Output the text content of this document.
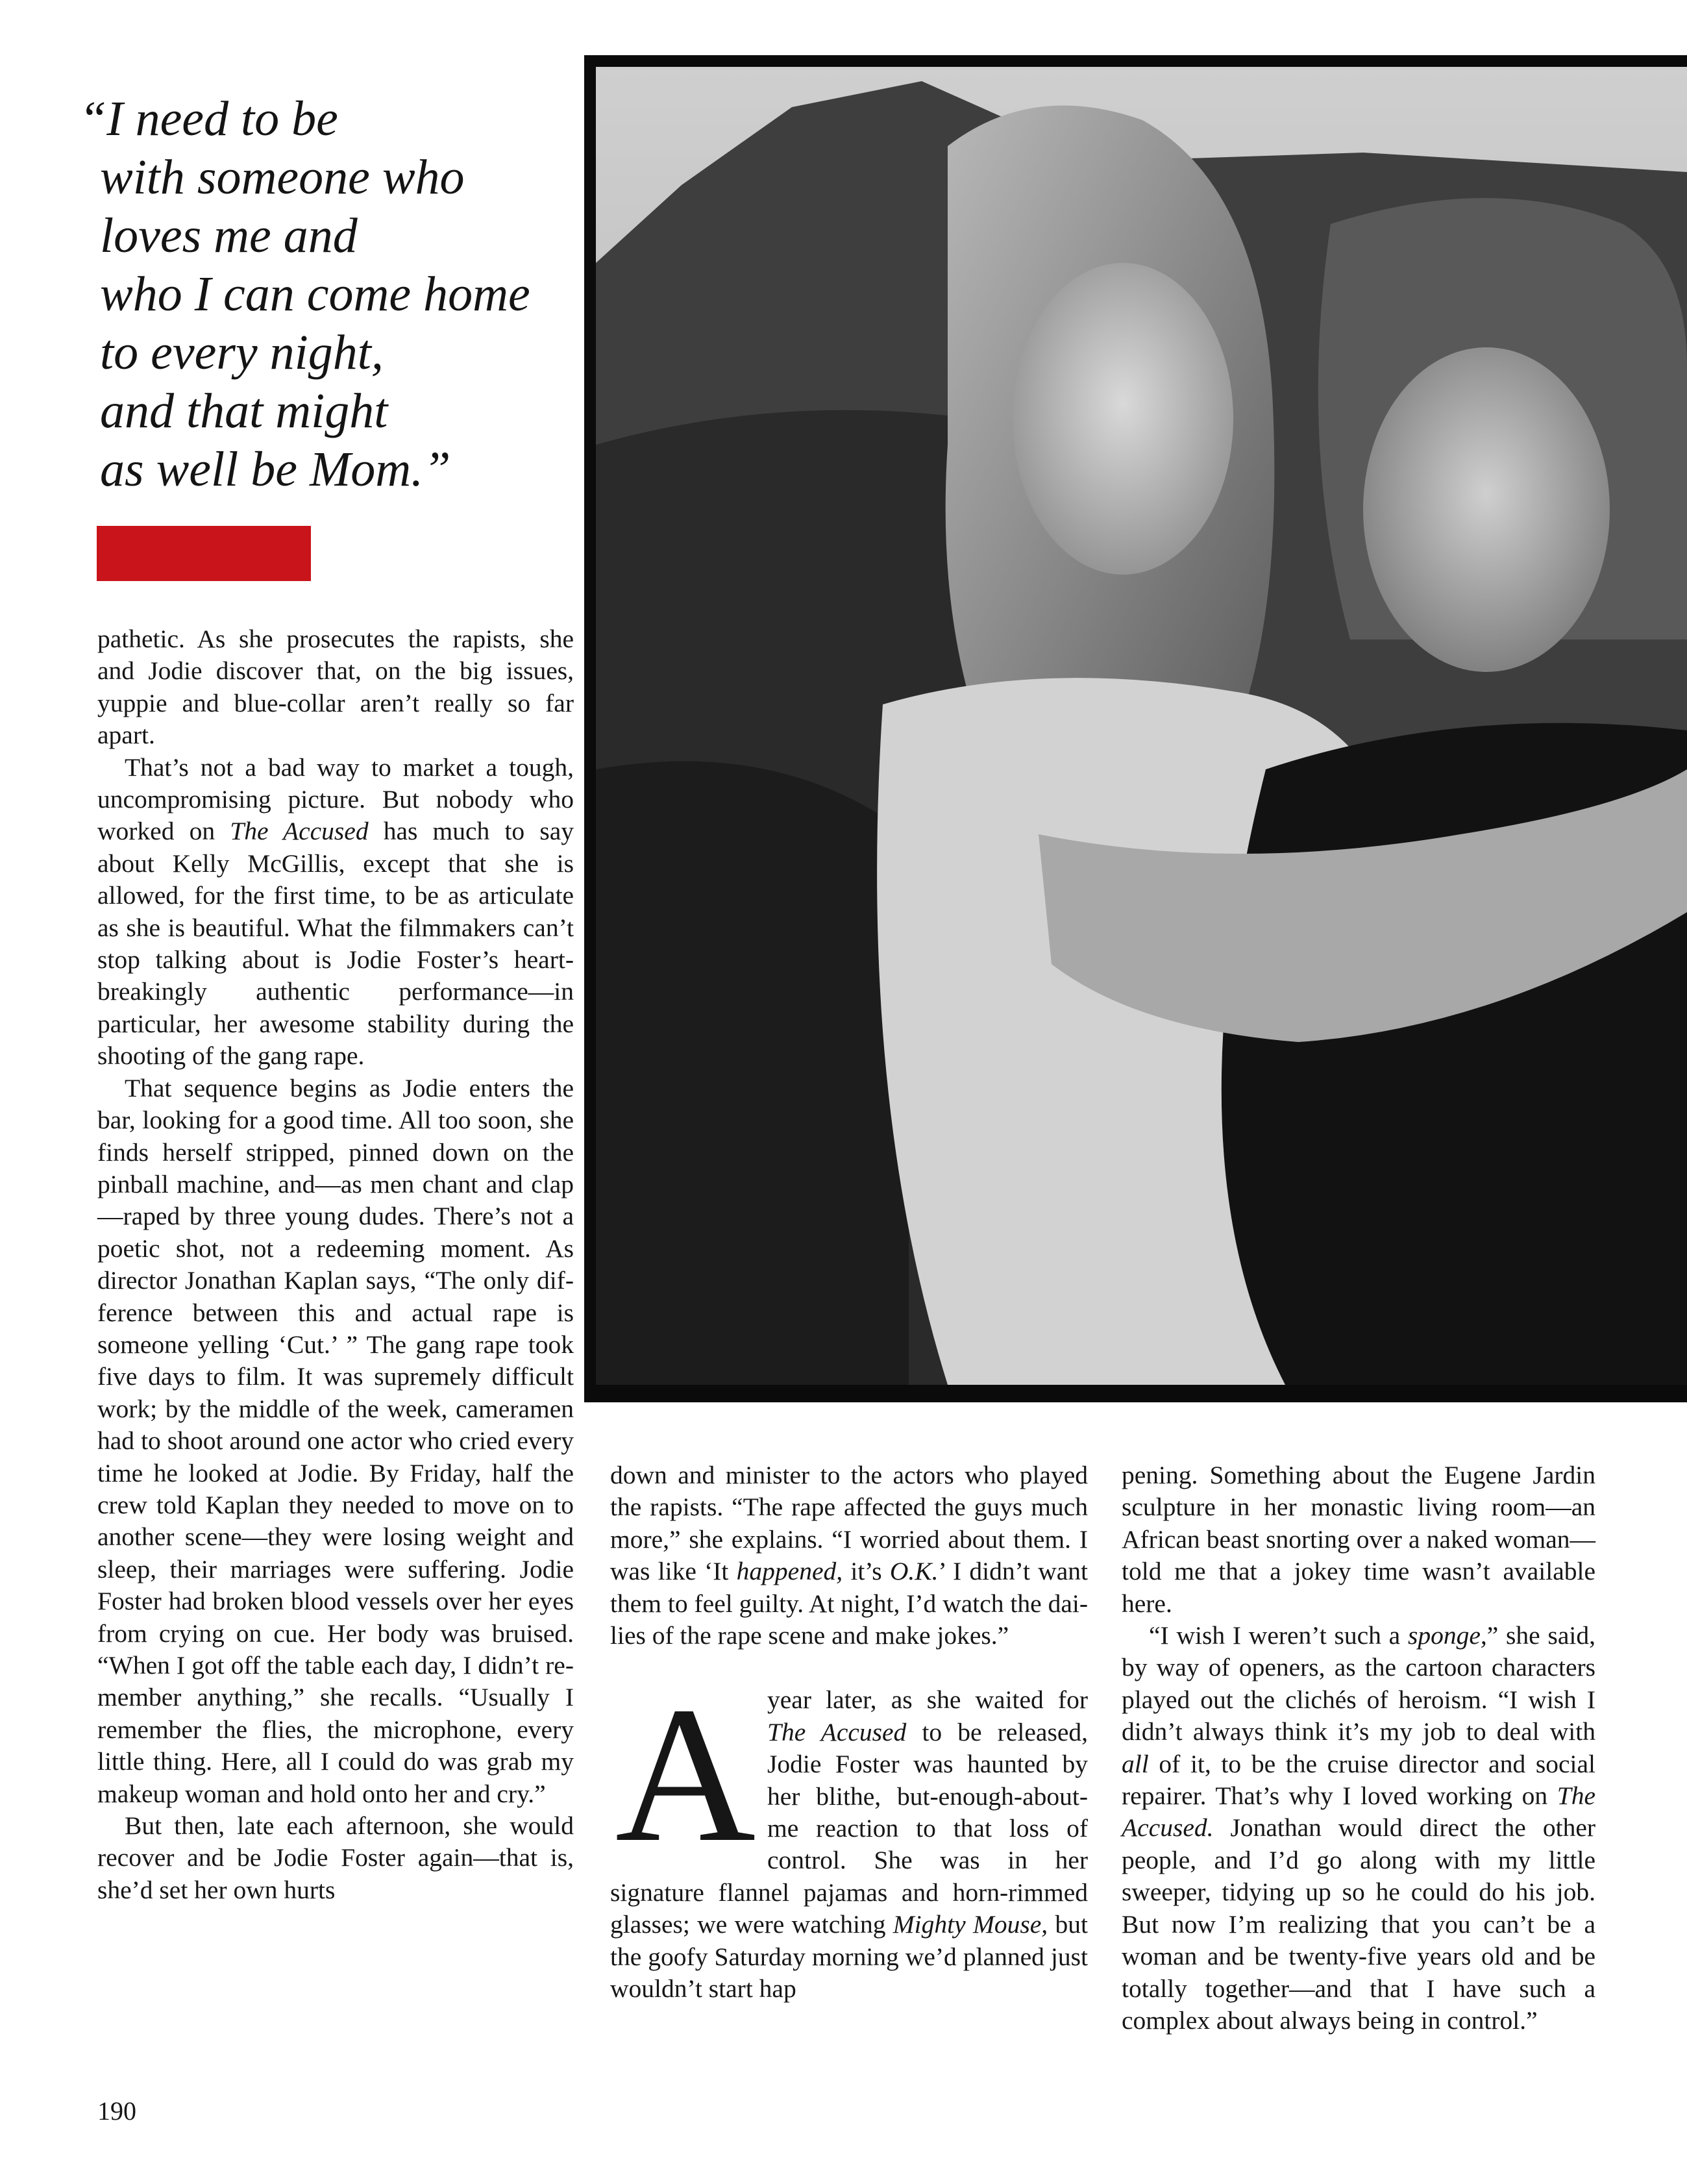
“I need to be
with someone who
loves me and
who I can come home
to every night,
and that might
as well be Mom.”

pathetic. As she prosecutes the rapists, she and Jodie discover that, on the big issues, yuppie and blue-collar aren’t really so far apart.

That’s not a bad way to market a tough, uncompromising picture. But nobody who worked on The Accused has much to say about Kelly McGillis, except that she is allowed, for the first time, to be as articulate as she is beautiful. What the filmmakers can’t stop talking about is Jodie Foster’s heartbreakingly authentic performance—in particular, her awesome stability during the shooting of the gang rape.

That sequence begins as Jodie enters the bar, looking for a good time. All too soon, she finds herself stripped, pinned down on the pinball machine, and—as men chant and clap—raped by three young dudes. There’s not a poetic shot, not a redeeming moment. As director Jonathan Kaplan says, “The only difference between this and actual rape is someone yelling ‘Cut.’ ” The gang rape took five days to film. It was supremely difficult work; by the middle of the week, cameramen had to shoot around one actor who cried every time he looked at Jodie. By Friday, half the crew told Kaplan they needed to move on to another scene—they were losing weight and sleep, their marriages were suffering. Jodie Foster had broken blood vessels over her eyes from crying on cue. Her body was bruised. “When I got off the table each day, I didn’t remember anything,” she recalls. “Usually I remember the flies, the microphone, every little thing. Here, all I could do was grab my makeup woman and hold onto her and cry.”

But then, late each afternoon, she would recover and be Jodie Foster again—that is, she’d set her own hurts

down and minister to the actors who played the rapists. “The rape affected the guys much more,” she explains. “I worried about them. I was like ‘It happened, it’s O.K.’ I didn’t want them to feel guilty. At night, I’d watch the dailies of the rape scene and make jokes.”

Ayear later, as she waited for The Accused to be released, Jodie Foster was haunted by her blithe, but-enough-about-me reaction to that loss of control. She was in her signature flannel pajamas and horn-rimmed glasses; we were watching Mighty Mouse, but the goofy Saturday morning we’d planned just wouldn’t start hap

pening. Something about the Eugene Jardin sculpture in her monastic living room—an African beast snorting over a naked woman—told me that a jokey time wasn’t available here.

“I wish I weren’t such a sponge,” she said, by way of openers, as the cartoon characters played out the clichés of heroism. “I wish I didn’t always think it’s my job to deal with all of it, to be the cruise director and social repairer. That’s why I loved working on The Accused. Jonathan would direct the other people, and I’d go along with my little sweeper, tidying up so he could do his job. But now I’m realizing that you can’t be a woman and be twenty-five years old and be totally together—and that I have such a complex about always being in control.”

190
